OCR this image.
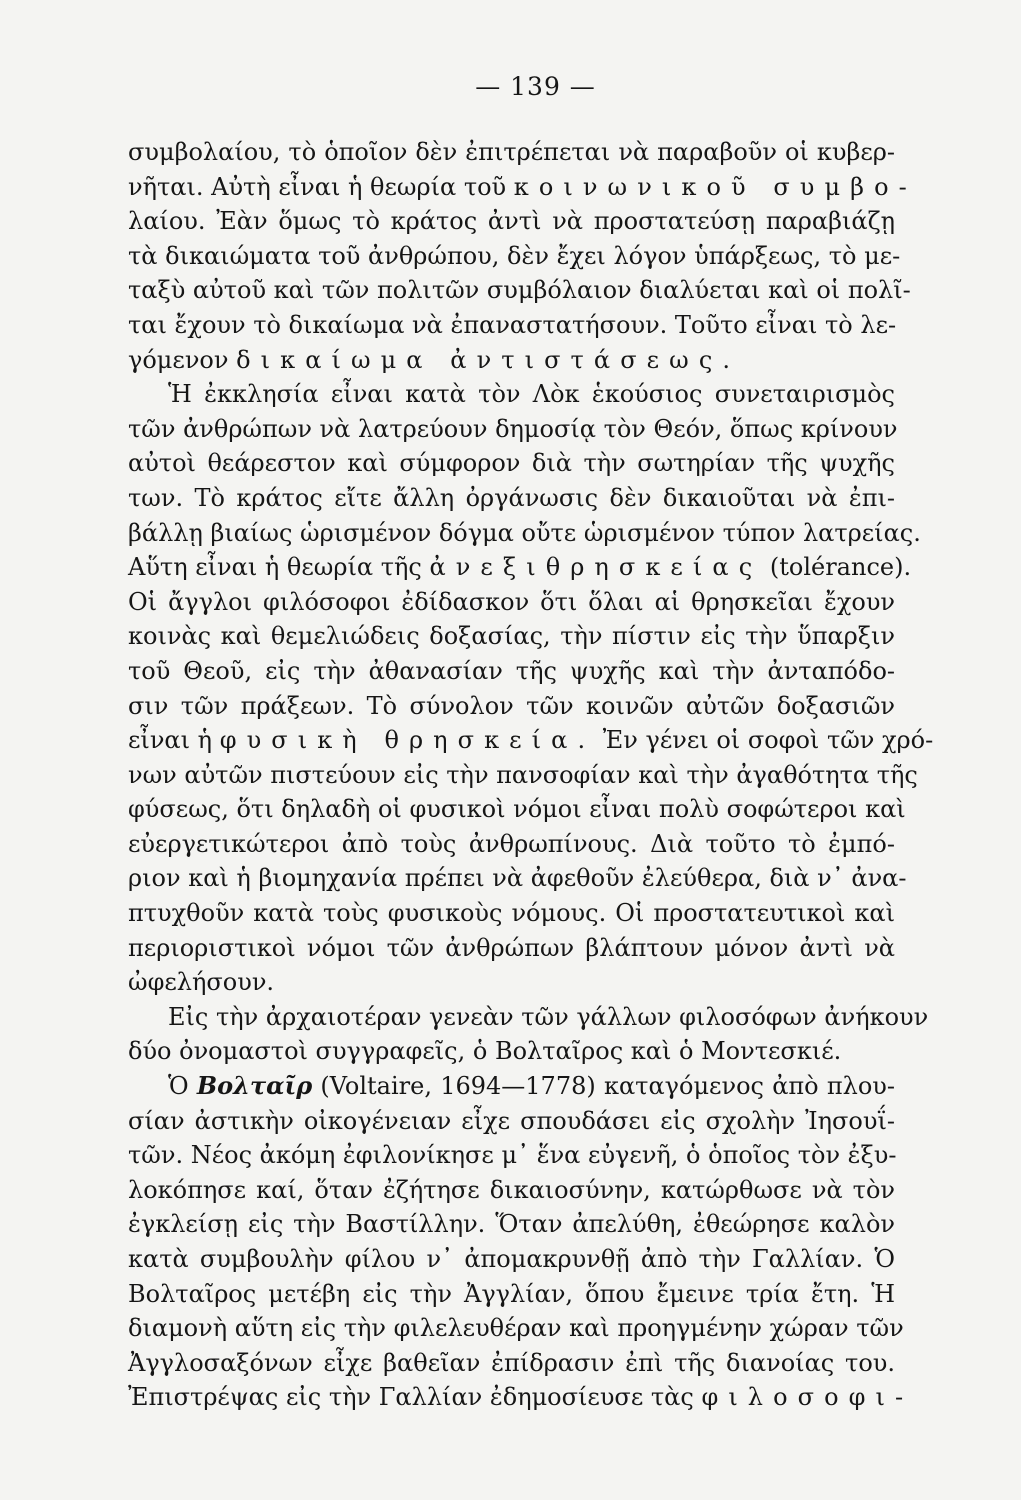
— 139 —
συμβολαίου, τὸ ὁποῖον δὲν ἐπιτρέπεται νὰ παραβοῦν οἱ κυβερ-
νῆται. Αὐτὴ εἶναι ἡ θεωρία τοῦ κοινωνικοῦ συμβο-
λαίου. Ἐὰν ὅμως τὸ κράτος ἀντὶ νὰ προστατεύσῃ παραβιάζῃ
τὰ δικαιώματα τοῦ ἀνθρώπου, δὲν ἔχει λόγον ὑπάρξεως, τὸ με-
ταξὺ αὐτοῦ καὶ τῶν πολιτῶν συμβόλαιον διαλύεται καὶ οἱ πολῖ-
ται ἔχουν τὸ δικαίωμα νὰ ἐπαναστατήσουν. Τοῦτο εἶναι τὸ λε-
γόμενον δικαίωμα ἀντιστάσεως.
Ἡ ἐκκλησία εἶναι κατὰ τὸν Λὸκ ἑκούσιος συνεταιρισμὸς
τῶν ἀνθρώπων νὰ λατρεύουν δημοσίᾳ τὸν Θεόν, ὅπως κρίνουν
αὐτοὶ θεάρεστον καὶ σύμφορον διὰ τὴν σωτηρίαν τῆς ψυχῆς
των. Τὸ κράτος εἴτε ἄλλη ὀργάνωσις δὲν δικαιοῦται νὰ ἐπι-
βάλλῃ βιαίως ὡρισμένον δόγμα οὔτε ὡρισμένον τύπον λατρείας.
Αὕτη εἶναι ἡ θεωρία τῆς ἀνεξιθρησκείας (tolérance).
Οἱ ἄγγλοι φιλόσοφοι ἐδίδασκον ὅτι ὅλαι αἱ θρησκεῖαι ἔχουν
κοινὰς καὶ θεμελιώδεις δοξασίας, τὴν πίστιν εἰς τὴν ὕπαρξιν
τοῦ Θεοῦ, εἰς τὴν ἀθανασίαν τῆς ψυχῆς καὶ τὴν ἀνταπόδο-
σιν τῶν πράξεων. Τὸ σύνολον τῶν κοινῶν αὐτῶν δοξασιῶν
εἶναι ἡ φυσικὴ θρησκεία. Ἐν γένει οἱ σοφοὶ τῶν χρό-
νων αὐτῶν πιστεύουν εἰς τὴν πανσοφίαν καὶ τὴν ἀγαθότητα τῆς
φύσεως, ὅτι δηλαδὴ οἱ φυσικοὶ νόμοι εἶναι πολὺ σοφώτεροι καὶ
εὐεργετικώτεροι ἀπὸ τοὺς ἀνθρωπίνους. Διὰ τοῦτο τὸ ἐμπό-
ριον καὶ ἡ βιομηχανία πρέπει νὰ ἀφεθοῦν ἐλεύθερα, διὰ ν᾿ ἀνα-
πτυχθοῦν κατὰ τοὺς φυσικοὺς νόμους. Οἱ προστατευτικοὶ καὶ
περιοριστικοὶ νόμοι τῶν ἀνθρώπων βλάπτουν μόνον ἀντὶ νὰ
ὠφελήσουν.
Εἰς τὴν ἀρχαιοτέραν γενεὰν τῶν γάλλων φιλοσόφων ἀνήκουν
δύο ὀνομαστοὶ συγγραφεῖς, ὁ Βολταῖρος καὶ ὁ Μοντεσκιέ.
Ὁ Βολταῖρ (Voltaire, 1694—1778) καταγόμενος ἀπὸ πλου-
σίαν ἀστικὴν οἰκογένειαν εἶχε σπουδάσει εἰς σχολὴν Ἰησουΐ-
τῶν. Νέος ἀκόμη ἐφιλονίκησε μ᾿ ἕνα εὐγενῆ, ὁ ὁποῖος τὸν ἐξυ-
λοκόπησε καί, ὅταν ἐζήτησε δικαιοσύνην, κατώρθωσε νὰ τὸν
ἐγκλείσῃ εἰς τὴν Βαστίλλην. Ὅταν ἀπελύθη, ἐθεώρησε καλὸν
κατὰ συμβουλὴν φίλου ν᾿ ἀπομακρυνθῇ ἀπὸ τὴν Γαλλίαν. Ὁ
Βολταῖρος μετέβη εἰς τὴν Ἀγγλίαν, ὅπου ἔμεινε τρία ἔτη. Ἡ
διαμονὴ αὕτη εἰς τὴν φιλελευθέραν καὶ προηγμένην χώραν τῶν
Ἀγγλοσαξόνων εἶχε βαθεῖαν ἐπίδρασιν ἐπὶ τῆς διανοίας του.
Ἐπιστρέψας εἰς τὴν Γαλλίαν ἐδημοσίευσε τὰς φιλοσοφι-
